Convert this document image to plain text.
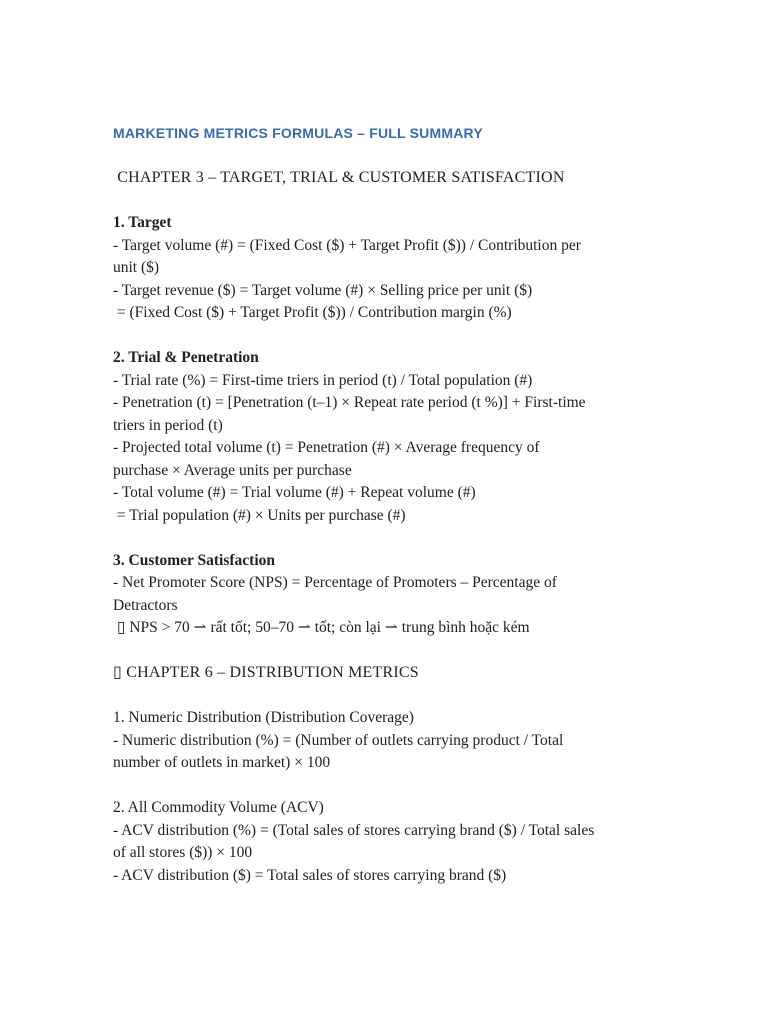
MARKETING METRICS FORMULAS – FULL SUMMARY
CHAPTER 3 – TARGET, TRIAL & CUSTOMER SATISFACTION
1. Target
- Target volume (#) = (Fixed Cost ($) + Target Profit ($)) / Contribution per
unit ($)
- Target revenue ($) = Target volume (#) × Selling price per unit ($)
= (Fixed Cost ($) + Target Profit ($)) / Contribution margin (%)
2. Trial & Penetration
- Trial rate (%) = First-time triers in period (t) / Total population (#)
- Penetration (t) = [Penetration (t–1) × Repeat rate period (t %)] + First-time
triers in period (t)
- Projected total volume (t) = Penetration (#) × Average frequency of
purchase × Average units per purchase
- Total volume (#) = Trial volume (#) + Repeat volume (#)
= Trial population (#) × Units per purchase (#)
3. Customer Satisfaction
- Net Promoter Score (NPS) = Percentage of Promoters – Percentage of
Detractors
▯ NPS > 70 ⇀ rất tốt; 50–70 ⇀ tốt; còn lại ⇀ trung bình hoặc kém
▯ CHAPTER 6 – DISTRIBUTION METRICS
1. Numeric Distribution (Distribution Coverage)
- Numeric distribution (%) = (Number of outlets carrying product / Total
number of outlets in market) × 100
2. All Commodity Volume (ACV)
- ACV distribution (%) = (Total sales of stores carrying brand ($) / Total sales
of all stores ($)) × 100
- ACV distribution ($) = Total sales of stores carrying brand ($)
